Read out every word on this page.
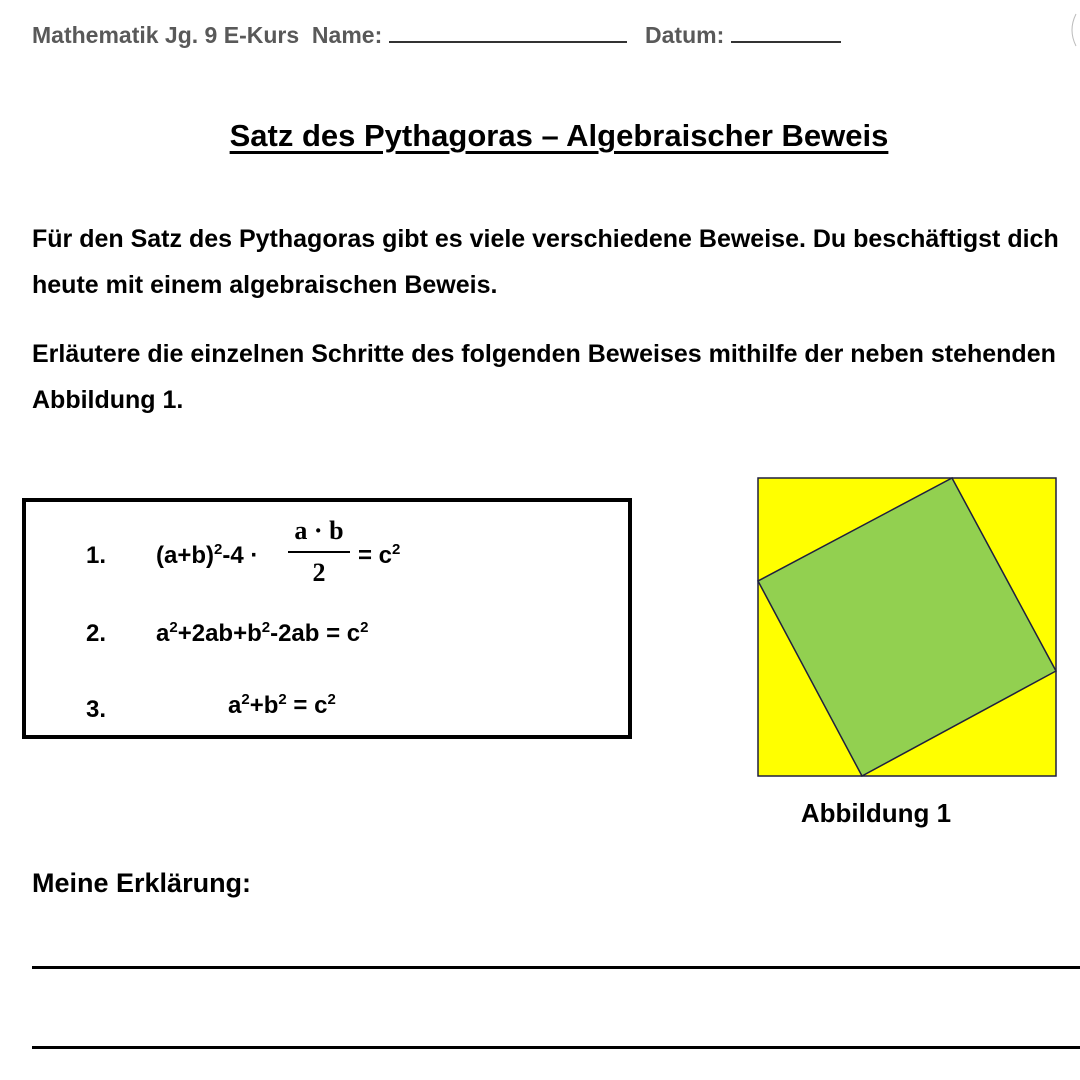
Mathematik Jg. 9 E-Kurs Name:	Datum:
Satz des Pythagoras – Algebraischer Beweis

Für den Satz des Pythagoras gibt es viele verschiedene Beweise. Du beschäftigst dich heute mit einem algebraischen Beweis.

Erläutere die einzelnen Schritte des folgenden Beweises mithilfe der neben stehenden Abbildung 1.

1. $(a+b)^2-4$ ·
a · b
2
= $c^2$
2. $a^2+2ab+b^2-2ab = c^2$
3.	$a^2+b^2 = c^2$
Abbildung 1
Meine Erklärung:
